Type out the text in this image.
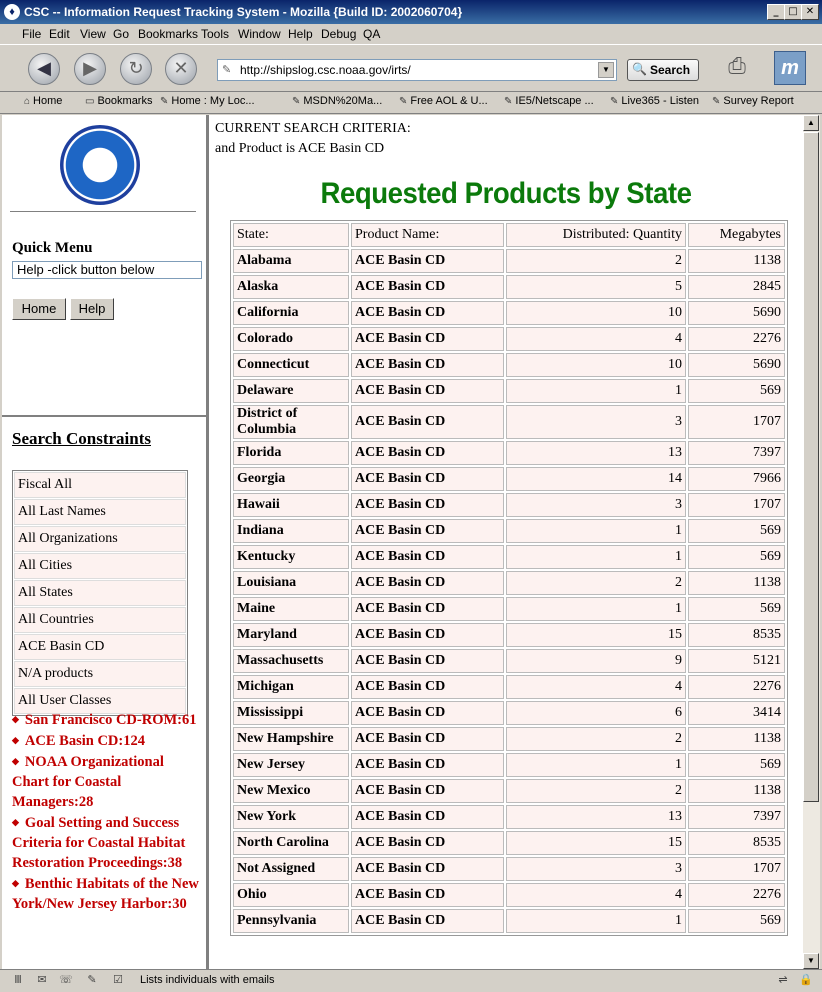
♦ CSC -- Information Request Tracking System - Mozilla {Build ID: 2002060704}	_ □ ✕
File Edit View Go Bookmarks Tools Window Help Debug QA
◀	▶	↻	✕	✎ http://shipslog.csc.noaa.gov/irts/	▼	🔍 Search ⎙	m
⌂ Home ▭ Bookmarks ✎ Home : My Loc...	✎ MSDN%20Ma... ✎ Free AOL & U... ✎ IE5/Netscape ... ✎ Live365 - Listen ✎ Survey Report
NOAA
Quick Menu
Help -click button below
Home	Help
Search Constraints
Fiscal All
All Last Names
All Organizations
All Cities
All States
All Countries
ACE Basin CD
N/A products
All User Classes
◆ San Francisco CD-ROM:61
◆ ACE Basin CD:124
◆ NOAA Organizational Chart for Coastal Managers:28
◆ Goal Setting and Success Criteria for Coastal Habitat Restoration Proceedings:38
◆ Benthic Habitats of the New York/New Jersey Harbor:30
CURRENT SEARCH CRITERIA:
and Product is ACE Basin CD
Requested Products by State
State:	Product Name:	Distributed: Quantity	Megabytes
Alabama	ACE Basin CD	2	1138
Alaska	ACE Basin CD	5	2845
California	ACE Basin CD	10	5690
Colorado	ACE Basin CD	4	2276
Connecticut	ACE Basin CD	10	5690
Delaware	ACE Basin CD	1	569
District of Columbia	ACE Basin CD	3	1707
Florida	ACE Basin CD	13	7397
Georgia	ACE Basin CD	14	7966
Hawaii	ACE Basin CD	3	1707
Indiana	ACE Basin CD	1	569
Kentucky	ACE Basin CD	1	569
Louisiana	ACE Basin CD	2	1138
Maine	ACE Basin CD	1	569
Maryland	ACE Basin CD	15	8535
Massachusetts	ACE Basin CD	9	5121
Michigan	ACE Basin CD	4	2276
Mississippi	ACE Basin CD	6	3414
New Hampshire	ACE Basin CD	2	1138
New Jersey	ACE Basin CD	1	569
New Mexico	ACE Basin CD	2	1138
New York	ACE Basin CD	13	7397
North Carolina	ACE Basin CD	15	8535
Not Assigned	ACE Basin CD	3	1707
Ohio	ACE Basin CD	4	2276
Pennsylvania	ACE Basin CD	1	569
▲
▼
Ⅲ	✉	☏	✎	☑ Lists individuals with emails	⇌	🔒
